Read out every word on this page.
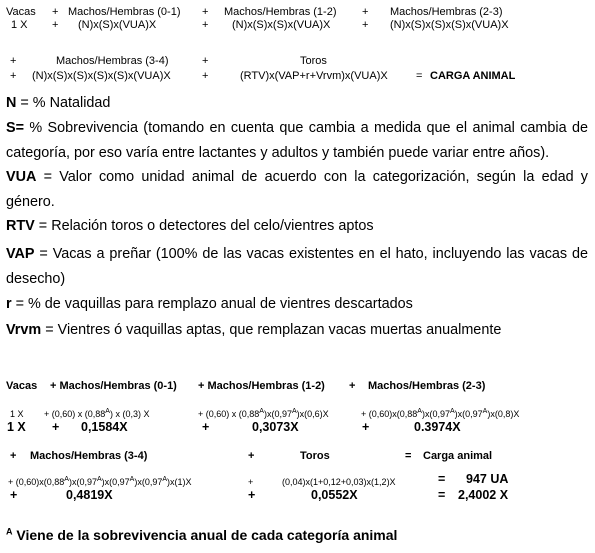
Vacas + Machos/Hembras (0-1) + Machos/Hembras (1-2) + Machos/Hembras (2-3)
1 X + (N)x(S)x(VUA)X	+ (N)x(S)x(S)x(VUA)X	+ (N)x(S)x(S)x(S)x(VUA)X
+	Machos/Hembras (3-4)	+	Toros
+ (N)x(S)x(S)x(S)x(S)x(VUA)X	+	(RTV)x(VAP+r+Vrvm)x(VUA)X	= CARGA ANIMAL
N = % Natalidad
S= % Sobrevivencia (tomando en cuenta que cambia a medida que el animal cambia de categoría, por eso varía entre lactantes y adultos y también puede variar entre años).
VUA = Valor como unidad animal de acuerdo con la categorización, según la edad y género.
RTV = Relación toros o detectores del celo/vientres aptos
VAP = Vacas a preñar (100% de las vacas existentes en el hato, incluyendo las vacas de desecho)
r = % de vaquillas para remplazo anual de vientres descartados
Vrvm = Vientres ó vaquillas aptas, que remplazan vacas muertas anualmente
Vacas + Machos/Hembras (0-1) + Machos/Hembras (1-2) + Machos/Hembras (2-3)
1 X + (0,60) x $(0,88^A)$ x (0,3) X	+ (0,60) x $(0,88^A)x(0,97^A)x(0,6)X$	+ $(0,60)x(0,88^A)x(0,97^A)x(0,97^A)x(0,8)X$
1 X + 0,1584X	+	0,3073X	+	0.3974X
+ Machos/Hembras (3-4)	+	Toros	= Carga animal
+ $(0,60)x(0,88^A)x(0,97^A)x(0,97^A)x(0,97^A)x(1)X$	+	(0,04)x(1+0,12+0,03)x(1,2)X	= 947 UA
+	0,4819X	+	0,0552X	= 2,4002 X
$^A$ Viene de la sobrevivencia anual de cada categoría animal
